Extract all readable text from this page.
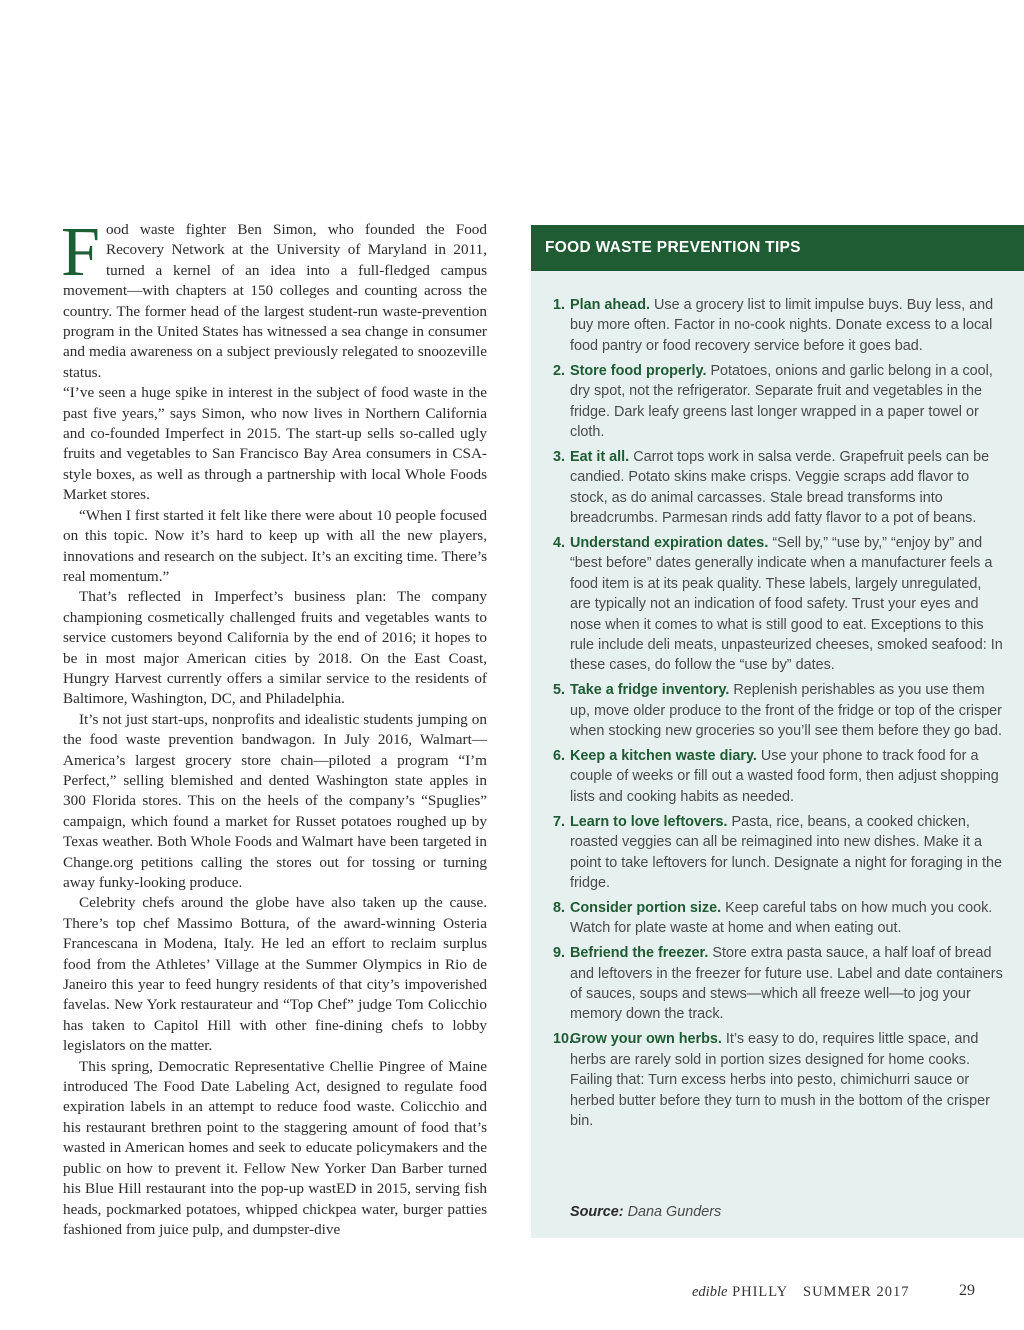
Food waste fighter Ben Simon, who founded the Food Recovery Network at the University of Maryland in 2011, turned a kernel of an idea into a full-fledged campus movement—with chapters at 150 colleges and counting across the country. The former head of the largest student-run waste-prevention program in the United States has witnessed a sea change in consumer and media awareness on a subject previously relegated to snoozeville status.

“I’ve seen a huge spike in interest in the subject of food waste in the past five years,” says Simon, who now lives in Northern California and co-founded Imperfect in 2015. The start-up sells so-called ugly fruits and vegetables to San Francisco Bay Area consumers in CSA-style boxes, as well as through a partnership with local Whole Foods Market stores.

“When I first started it felt like there were about 10 people focused on this topic. Now it’s hard to keep up with all the new players, innovations and research on the subject. It’s an exciting time. There’s real momentum.”

That’s reflected in Imperfect’s business plan: The company championing cosmetically challenged fruits and vegetables wants to service customers beyond California by the end of 2016; it hopes to be in most major American cities by 2018. On the East Coast, Hungry Harvest currently offers a similar service to the residents of Baltimore, Washington, DC, and Philadelphia.

It’s not just start-ups, nonprofits and idealistic students jumping on the food waste prevention bandwagon. In July 2016, Walmart—America’s largest grocery store chain—piloted a program “I’m Perfect,” selling blemished and dented Washington state apples in 300 Florida stores. This on the heels of the company’s “Spuglies” campaign, which found a market for Russet potatoes roughed up by Texas weather. Both Whole Foods and Walmart have been targeted in Change.org petitions calling the stores out for tossing or turning away funky-looking produce.

Celebrity chefs around the globe have also taken up the cause. There’s top chef Massimo Bottura, of the award-winning Osteria Francescana in Modena, Italy. He led an effort to reclaim surplus food from the Athletes’ Village at the Summer Olympics in Rio de Janeiro this year to feed hungry residents of that city’s impoverished favelas. New York restaurateur and “Top Chef” judge Tom Colicchio has taken to Capitol Hill with other fine-dining chefs to lobby legislators on the matter.

This spring, Democratic Representative Chellie Pingree of Maine introduced The Food Date Labeling Act, designed to regulate food expiration labels in an attempt to reduce food waste. Colicchio and his restaurant brethren point to the staggering amount of food that’s wasted in American homes and seek to educate policymakers and the public on how to prevent it. Fellow New Yorker Dan Barber turned his Blue Hill restaurant into the pop-up wastED in 2015, serving fish heads, pockmarked potatoes, whipped chickpea water, burger patties fashioned from juice pulp, and dumpster-dive

FOOD WASTE PREVENTION TIPS
1. Plan ahead. Use a grocery list to limit impulse buys. Buy less, and buy more often. Factor in no-cook nights. Donate excess to a local food pantry or food recovery service before it goes bad.
2. Store food properly. Potatoes, onions and garlic belong in a cool, dry spot, not the refrigerator. Separate fruit and vegetables in the fridge. Dark leafy greens last longer wrapped in a paper towel or cloth.
3. Eat it all. Carrot tops work in salsa verde. Grapefruit peels can be candied. Potato skins make crisps. Veggie scraps add flavor to stock, as do animal carcasses. Stale bread transforms into breadcrumbs. Parmesan rinds add fatty flavor to a pot of beans.
4. Understand expiration dates. “Sell by,” “use by,” “enjoy by” and “best before” dates generally indicate when a manufacturer feels a food item is at its peak quality. These labels, largely unregulated, are typically not an indication of food safety. Trust your eyes and nose when it comes to what is still good to eat. Exceptions to this rule include deli meats, unpasteurized cheeses, smoked seafood: In these cases, do follow the “use by” dates.
5. Take a fridge inventory. Replenish perishables as you use them up, move older produce to the front of the fridge or top of the crisper when stocking new groceries so you’ll see them before they go bad.
6. Keep a kitchen waste diary. Use your phone to track food for a couple of weeks or fill out a wasted food form, then adjust shopping lists and cooking habits as needed.
7. Learn to love leftovers. Pasta, rice, beans, a cooked chicken, roasted veggies can all be reimagined into new dishes. Make it a point to take leftovers for lunch. Designate a night for foraging in the fridge.
8. Consider portion size. Keep careful tabs on how much you cook. Watch for plate waste at home and when eating out.
9. Befriend the freezer. Store extra pasta sauce, a half loaf of bread and leftovers in the freezer for future use. Label and date containers of sauces, soups and stews—which all freeze well—to jog your memory down the track.
10.
Grow your own herbs. It’s easy to do, requires little space, and herbs are rarely sold in portion sizes designed for home cooks. Failing that: Turn excess herbs into pesto, chimichurri sauce or herbed butter before they turn to mush in the bottom of the crisper bin.
Source: Dana Gunders
edible PHILLY SUMMER 2017	29
